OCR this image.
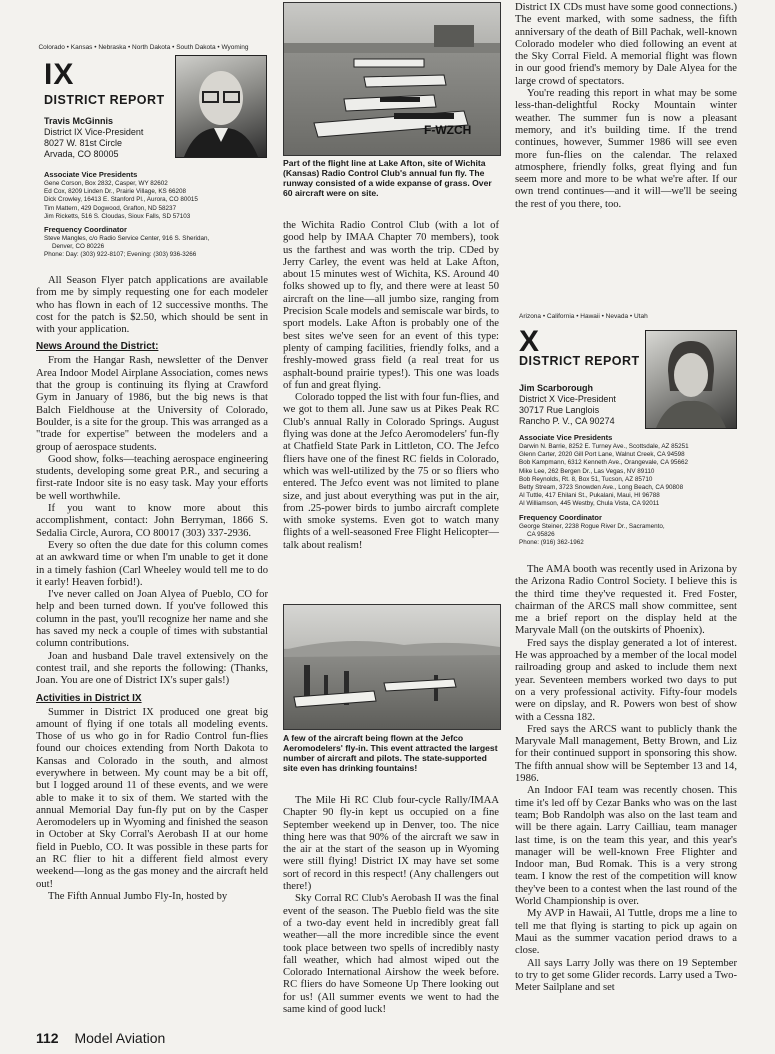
Colorado • Kansas • Nebraska • North Dakota • South Dakota • Wyoming
IX
DISTRICT REPORT
Travis McGinnis
District IX Vice-President
8027 W. 81st Circle
Arvada, CO 80005
Associate Vice Presidents
Gene Corson, Box 2832, Casper, WY 82602
Ed Cox, 8209 Linden Dr., Prairie Village, KS 66208
Dick Crowley, 16413 E. Stanford Pl., Aurora, CO 80015
Tim Mattern, 429 Dogwood, Grafton, ND 58237
Jim Ricketts, 516 S. Cloudas, Sioux Falls, SD 57103
Frequency Coordinator
Steve Mangles, c/o Radio Service Center, 916 S. Sheridan,
Denver, CO 80226
Phone: Day: (303) 922-8107; Evening: (303) 936-3266

All Season Flyer patch applications are available from me by simply requesting one for each modeler who has flown in each of 12 successive months. The cost for the patch is $2.50, which should be sent in with your application.

News Around the District:

From the Hangar Rash, newsletter of the Denver Area Indoor Model Airplane Association, comes news that the group is continuing its flying at Crawford Gym in January of 1986, but the big news is that Balch Fieldhouse at the University of Colorado, Boulder, is a site for the group. This was arranged as a "trade for expertise" between the modelers and a group of aerospace students.

Good show, folks—teaching aerospace engineering students, developing some great P.R., and securing a first-rate Indoor site is no easy task. May your efforts be well worthwhile.

If you want to know more about this accomplishment, contact: John Berryman, 1866 S. Sedalia Circle, Aurora, CO 80017 (303) 337-2936.

Every so often the due date for this column comes at an awkward time or when I'm unable to get it done in a timely fashion (Carl Wheeley would tell me to do it early! Heaven forbid!).

I've never called on Joan Alyea of Pueblo, CO for help and been turned down. If you've followed this column in the past, you'll recognize her name and she has saved my neck a couple of times with substantial column contributions.

Joan and husband Dale travel extensively on the contest trail, and she reports the following: (Thanks, Joan. You are one of District IX's super gals!)

Activities in District IX

Summer in District IX produced one great big amount of flying if one totals all modeling events. Those of us who go in for Radio Control fun-flies found our choices extending from North Dakota to Kansas and Colorado in the south, and almost everywhere in between. My count may be a bit off, but I logged around 11 of these events, and we were able to make it to six of them. We started with the annual Memorial Day fun-fly put on by the Casper Aeromodelers up in Wyoming and finished the season in October at Sky Corral's Aerobash II at our home field in Pueblo, CO. It was possible in these parts for an RC flier to hit a different field almost every weekend—long as the gas money and the aircraft held out!

The Fifth Annual Jumbo Fly-In, hosted by

F-WZCH
Part of the flight line at Lake Afton, site of Wichita (Kansas) Radio Control Club's annual fun fly. The runway consisted of a wide expanse of grass. Over 60 aircraft were on site.

the Wichita Radio Control Club (with a lot of good help by IMAA Chapter 70 members), took us the farthest and was worth the trip. CDed by Jerry Carley, the event was held at Lake Afton, about 15 minutes west of Wichita, KS. Around 40 folks showed up to fly, and there were at least 50 aircraft on the line—all jumbo size, ranging from Precision Scale models and semiscale war birds, to sport models. Lake Afton is probably one of the best sites we've seen for an event of this type: plenty of camping facilities, friendly folks, and a freshly-mowed grass field (a real treat for us asphalt-bound prairie types!). This one was loads of fun and great flying.

Colorado topped the list with four fun-flies, and we got to them all. June saw us at Pikes Peak RC Club's annual Rally in Colorado Springs. August flying was done at the Jefco Aeromodelers' fun-fly at Chatfield State Park in Littleton, CO. The Jefco fliers have one of the finest RC fields in Colorado, which was well-utilized by the 75 or so fliers who entered. The Jefco event was not limited to plane size, and just about everything was put in the air, from .25-power birds to jumbo aircraft complete with smoke systems. Even got to watch many flights of a well-seasoned Free Flight Helicopter—talk about realism!

A few of the aircraft being flown at the Jefco Aeromodelers' fly-in. This event attracted the largest number of aircraft and pilots. The state-supported site even has drinking fountains!

The Mile Hi RC Club four-cycle Rally/IMAA Chapter 90 fly-in kept us occupied on a fine September weekend up in Denver, too. The nice thing here was that 90% of the aircraft we saw in the air at the start of the season up in Wyoming were still flying! District IX may have set some sort of record in this respect! (Any challengers out there!)

Sky Corral RC Club's Aerobash II was the final event of the season. The Pueblo field was the site of a two-day event held in incredibly great fall weather—all the more incredible since the event took place between two spells of incredibly nasty fall weather, which had almost wiped out the Colorado International Airshow the week before. RC fliers do have Someone Up There looking out for us! (All summer events we went to had the same kind of good luck!

District IX CDs must have some good connections.) The event marked, with some sadness, the fifth anniversary of the death of Bill Pachak, well-known Colorado modeler who died following an event at the Sky Corral Field. A memorial flight was flown in our good friend's memory by Dale Alyea for the large crowd of spectators.

You're reading this report in what may be some less-than-delightful Rocky Mountain winter weather. The summer fun is now a pleasant memory, and it's building time. If the trend continues, however, Summer 1986 will see even more fun-flies on the calendar. The relaxed atmosphere, friendly folks, great flying and fun seem more and more to be what we're after. If our own trend continues—and it will—we'll be seeing the rest of you there, too.

Arizona • California • Hawaii • Nevada • Utah
X
DISTRICT REPORT
Jim Scarborough
District X Vice-President
30717 Rue Langlois
Rancho P. V., CA 90274
Associate Vice Presidents
Darwin N. Barrie, 8252 E. Turney Ave., Scottsdale, AZ 85251
Glenn Carter, 2020 Gill Port Lane, Walnut Creek, CA 94598
Bob Kampmann, 6312 Kenneth Ave., Orangevale, CA 95662
Mike Lee, 262 Bergen Dr., Las Vegas, NV 89110
Bob Reynolds, Rt. 8, Box 51, Tucson, AZ 85710
Betty Stream, 3723 Snowden Ave., Long Beach, CA 90808
Al Tuttle, 417 Ehilani St., Pukalani, Maui, HI 96788
Al Williamson, 445 Westby, Chula Vista, CA 92011
Frequency Coordinator
George Steiner, 2238 Rogue River Dr., Sacramento,
CA 95826
Phone: (916) 362-1962

The AMA booth was recently used in Arizona by the Arizona Radio Control Society. I believe this is the third time they've requested it. Fred Foster, chairman of the ARCS mall show committee, sent me a brief report on the display held at the Maryvale Mall (on the outskirts of Phoenix).

Fred says the display generated a lot of interest. He was approached by a member of the local model railroading group and asked to include them next year. Seventeen members worked two days to put on a very professional activity. Fifty-four models were on dipslay, and R. Powers won best of show with a Cessna 182.

Fred says the ARCS want to publicly thank the Maryvale Mall management, Betty Brown, and Liz for their continued support in sponsoring this show. The fifth annual show will be September 13 and 14, 1986.

An Indoor FAI team was recently chosen. This time it's led off by Cezar Banks who was on the last team; Bob Randolph was also on the last team and will be there again. Larry Cailliau, team manager last time, is on the team this year, and this year's manager will be well-known Free Flighter and Indoor man, Bud Romak. This is a very strong team. I know the rest of the competition will know they've been to a contest when the last round of the World Championship is over.

My AVP in Hawaii, Al Tuttle, drops me a line to tell me that flying is starting to pick up again on Maui as the summer vacation period draws to a close.

All says Larry Jolly was there on 19 September to try to get some Glider records. Larry used a Two-Meter Sailplane and set

112 Model Aviation
